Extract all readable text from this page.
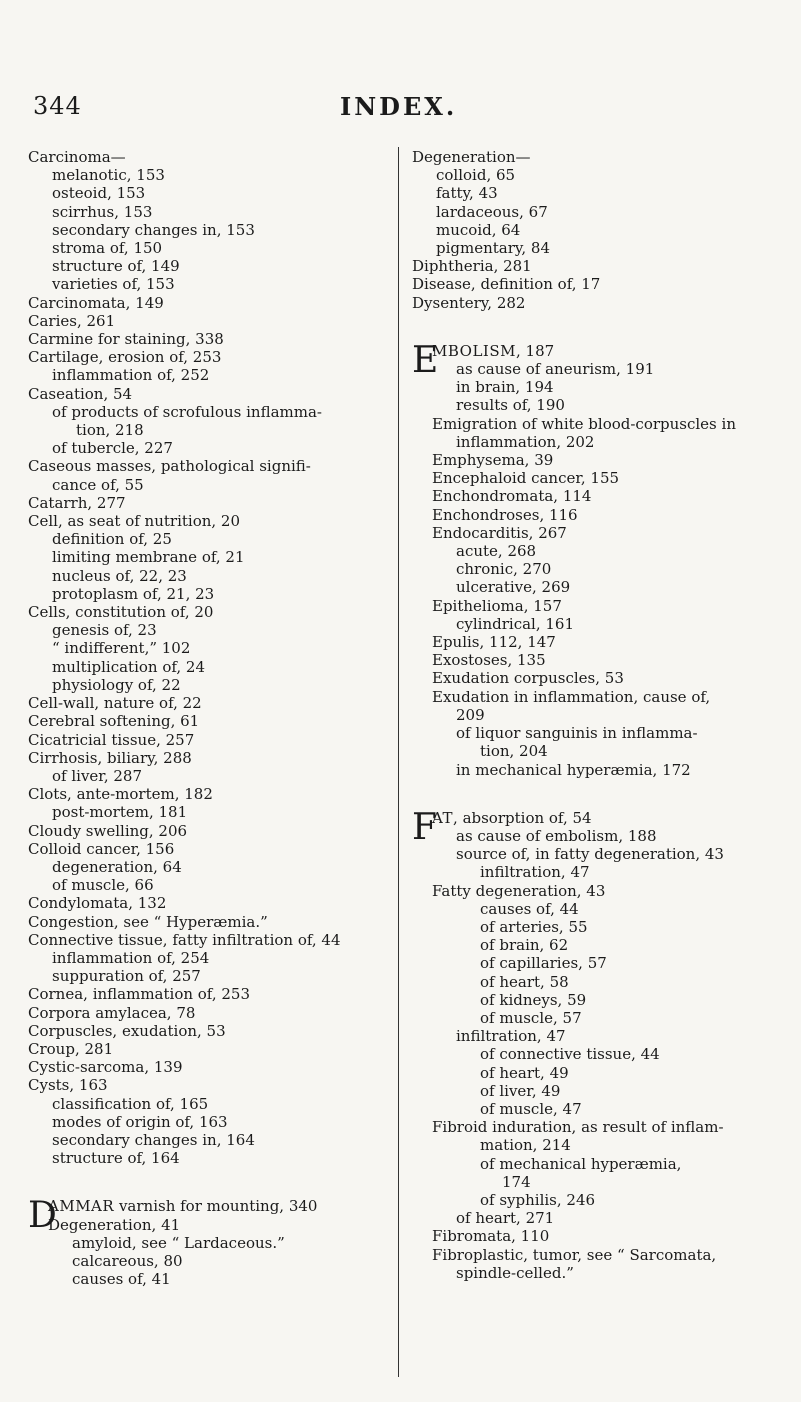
344	INDEX.
Carcinoma—
melanotic, 153
osteoid, 153
scirrhus, 153
secondary changes in, 153
stroma of, 150
structure of, 149
varieties of, 153
Carcinomata, 149
Caries, 261
Carmine for staining, 338
Cartilage, erosion of, 253
inflammation of, 252
Caseation, 54
of products of scrofulous inflamma-
tion, 218
of tubercle, 227
Caseous masses, pathological signifi-
cance of, 55
Catarrh, 277
Cell, as seat of nutrition, 20
definition of, 25
limiting membrane of, 21
nucleus of, 22, 23
protoplasm of, 21, 23
Cells, constitution of, 20
genesis of, 23
“ indifferent,” 102
multiplication of, 24
physiology of, 22
Cell-wall, nature of, 22
Cerebral softening, 61
Cicatricial tissue, 257
Cirrhosis, biliary, 288
of liver, 287
Clots, ante-mortem, 182
post-mortem, 181
Cloudy swelling, 206
Colloid cancer, 156
degeneration, 64
of muscle, 66
Condylomata, 132
Congestion, see “ Hyperæmia.”
Connective tissue, fatty infiltration of, 44
inflammation of, 254
suppuration of, 257
Cornea, inflammation of, 253
Corpora amylacea, 78
Corpuscles, exudation, 53
Croup, 281
Cystic-sarcoma, 139
Cysts, 163
classification of, 165
modes of origin of, 163
secondary changes in, 164
structure of, 164
D
AMMAR varnish for mounting, 340
Degeneration, 41
amyloid, see “ Lardaceous.”
calcareous, 80
causes of, 41
Degeneration—
colloid, 65
fatty, 43
lardaceous, 67
mucoid, 64
pigmentary, 84
Diphtheria, 281
Disease, definition of, 17
Dysentery, 282
E
MBOLISM, 187
as cause of aneurism, 191
in brain, 194
results of, 190
Emigration of white blood-corpuscles in
inflammation, 202
Emphysema, 39
Encephaloid cancer, 155
Enchondromata, 114
Enchondroses, 116
Endocarditis, 267
acute, 268
chronic, 270
ulcerative, 269
Epithelioma, 157
cylindrical, 161
Epulis, 112, 147
Exostoses, 135
Exudation corpuscles, 53
Exudation in inflammation, cause of,
209
of liquor sanguinis in inflamma-
tion, 204
in mechanical hyperæmia, 172
F
AT, absorption of, 54
as cause of embolism, 188
source of, in fatty degeneration, 43
infiltration, 47
Fatty degeneration, 43
causes of, 44
of arteries, 55
of brain, 62
of capillaries, 57
of heart, 58
of kidneys, 59
of muscle, 57
infiltration, 47
of connective tissue, 44
of heart, 49
of liver, 49
of muscle, 47
Fibroid induration, as result of inflam-
mation, 214
of mechanical hyperæmia,
174
of syphilis, 246
of heart, 271
Fibromata, 110
Fibroplastic, tumor, see “ Sarcomata,
spindle-celled.”
